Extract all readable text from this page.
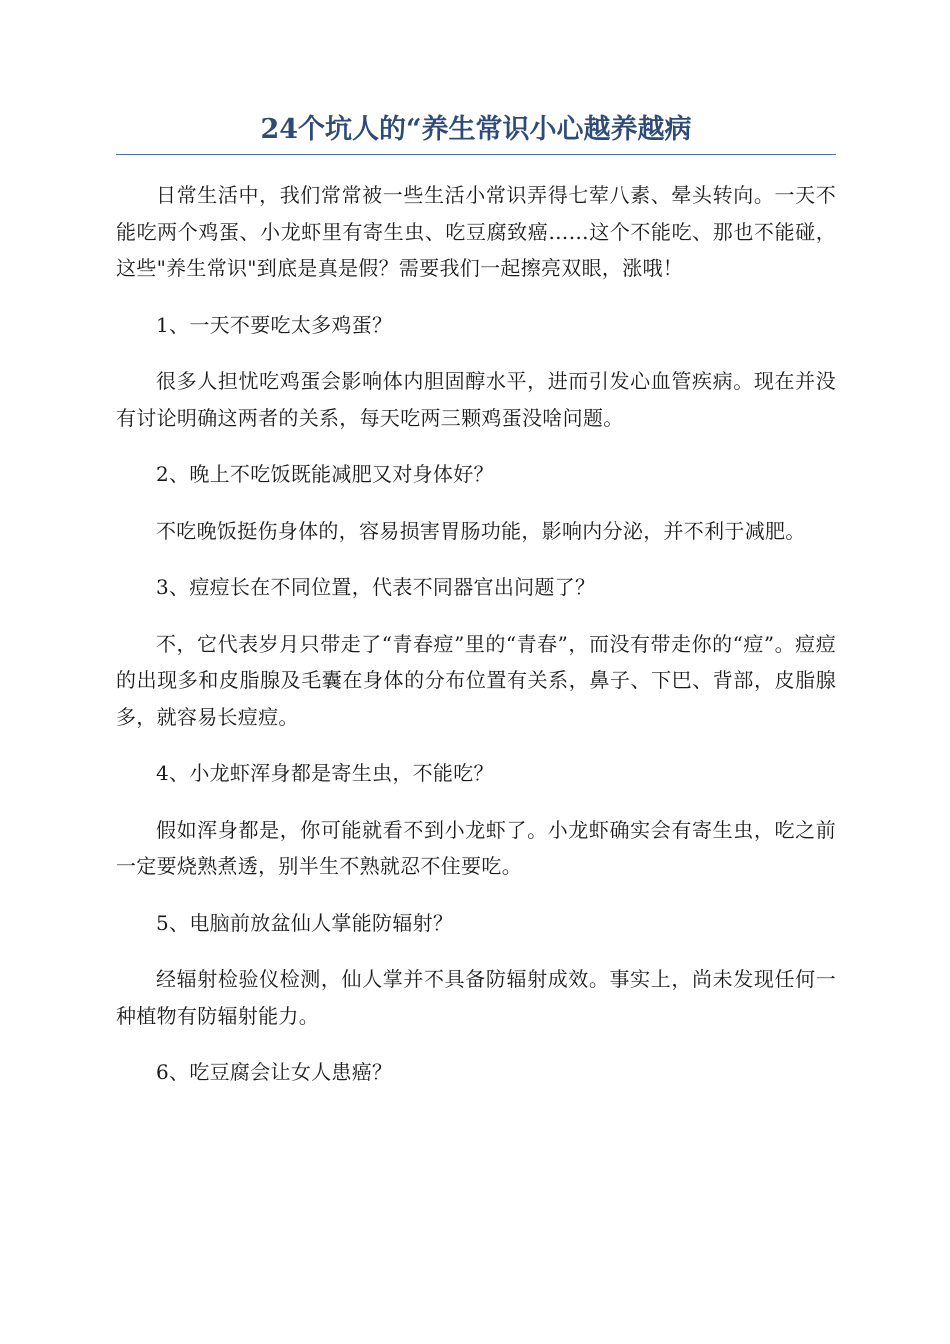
24个坑人的“养生常识小心越养越病

日常生活中，我们常常被一些生活小常识弄得七荤八素、晕头转向。一天不能吃两个鸡蛋、小龙虾里有寄生虫、吃豆腐致癌……这个不能吃、那也不能碰，这些"养生常识"到底是真是假？需要我们一起擦亮双眼，涨哦！

1、一天不要吃太多鸡蛋？

很多人担忧吃鸡蛋会影响体内胆固醇水平，进而引发心血管疾病。现在并没有讨论明确这两者的关系，每天吃两三颗鸡蛋没啥问题。

2、晚上不吃饭既能减肥又对身体好？

不吃晚饭挺伤身体的，容易损害胃肠功能，影响内分泌，并不利于减肥。

3、痘痘长在不同位置，代表不同器官出问题了？

不，它代表岁月只带走了“青春痘”里的“青春”，而没有带走你的“痘”。痘痘的出现多和皮脂腺及毛囊在身体的分布位置有关系，鼻子、下巴、背部，皮脂腺多，就容易长痘痘。

4、小龙虾浑身都是寄生虫，不能吃？

假如浑身都是，你可能就看不到小龙虾了。小龙虾确实会有寄生虫，吃之前一定要烧熟煮透，别半生不熟就忍不住要吃。

5、电脑前放盆仙人掌能防辐射？

经辐射检验仪检测，仙人掌并不具备防辐射成效。事实上，尚未发现任何一种植物有防辐射能力。

6、吃豆腐会让女人患癌？
